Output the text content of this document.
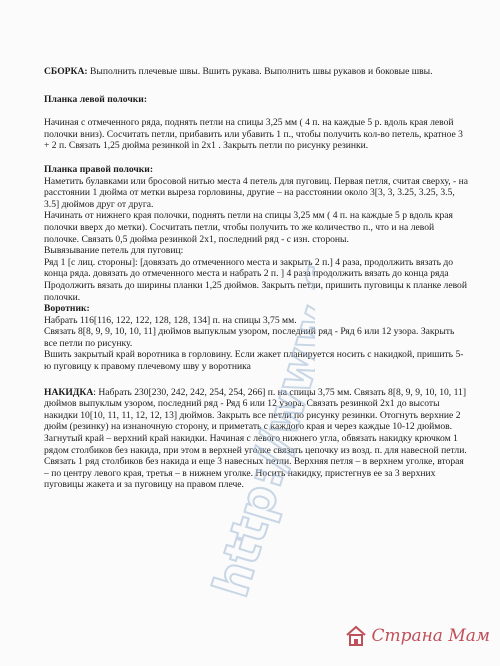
СБОРКА: Выполнить плечевые швы. Вшить рукава. Выполнить швы рукавов и боковые швы.

Планка левой полочки:

Начиная с отмеченного ряда, поднять петли на спицы 3,25 мм ( 4 п. на каждые 5 р. вдоль края левой полочки вниз). Сосчитать петли, прибавить или убавить 1 п., чтобы получить кол-во петель, кратное 3 + 2 п. Связать 1,25 дюйма резинкой in 2x1 . Закрыть петли по рисунку резинки.

Планка правой полочки:

Наметить булавками или бросовой нитью места 4 петель для пуговиц. Первая петля, считая сверху, - на расстоянии 1 дюйма от метки выреза горловины, другие – на расстоянии около 3[3, 3, 3.25, 3.25, 3.5, 3.5] дюймов друг от друга.

Начинать от нижнего края полочки, поднять петли на спицы 3,25 мм ( 4 п. на каждые 5 р вдоль края полочки вверх до метки). Сосчитать петли, чтобы получить то же количество п., что и на левой полочке. Связать 0,5 дюйма резинкой 2x1, последний ряд - с изн. стороны.

Вывязывание петель для пуговиц:

Ряд 1 [с лиц. стороны]: [довязать до отмеченного места и закрыть 2 п.] 4 раза, продолжить вязать до конца ряда. довязать до отмеченного места и набрать 2 п. ] 4 раза продолжить вязать до конца ряда Продолжить вязать до ширины планки 1,25 дюймов. Закрыть петли, пришить пуговицы к планке левой полочки.

Воротник:

Набрать 116[116, 122, 122, 128, 128, 134] п. на спицы 3,75 мм.

Связать 8[8, 9, 9, 10, 10, 11] дюймов выпуклым узором, последний ряд - Ряд 6 или 12 узора. Закрыть все петли по рисунку.

Вшить закрытый край воротника в горловину. Если жакет планируется носить с накидкой, пришить 5-ю пуговицу к правому плечевому шву у воротника

НАКИДКА: Набрать 230[230, 242, 242, 254, 254, 266] п. на спицы 3,75 мм. Связать 8[8, 9, 9, 10, 10, 11] дюймов выпуклым узором, последний ряд - Ряд 6 или 12 узора. Связать резинкой 2x1 до высоты накидки 10[10, 11, 11, 12, 12, 13] дюймов. Закрыть все петли по рисунку резинки. Отогнуть верхние 2 дюйм (резинку) на изнаночную сторону, и приметать с каждого края и через каждые 10-12 дюймов. Загнутый край – верхний край накидки. Начиная с левого нижнего угла, обвязать накидку крючком 1 рядом столбиков без накида, при этом в верхней уголке связать цепочку из возд. п. для навесной петли. Связать 1 ряд столбиков без накида и еще 3 навесных петли. Верхняя петля – в верхнем уголке, вторая – по центру левого края, третья – в нижнем уголке. Носить накидку, пристегнув ее за 3 верхних пуговицы жакета и за пуговицу на правом плече.

http://www.fotojet.ru
Страна Мам
